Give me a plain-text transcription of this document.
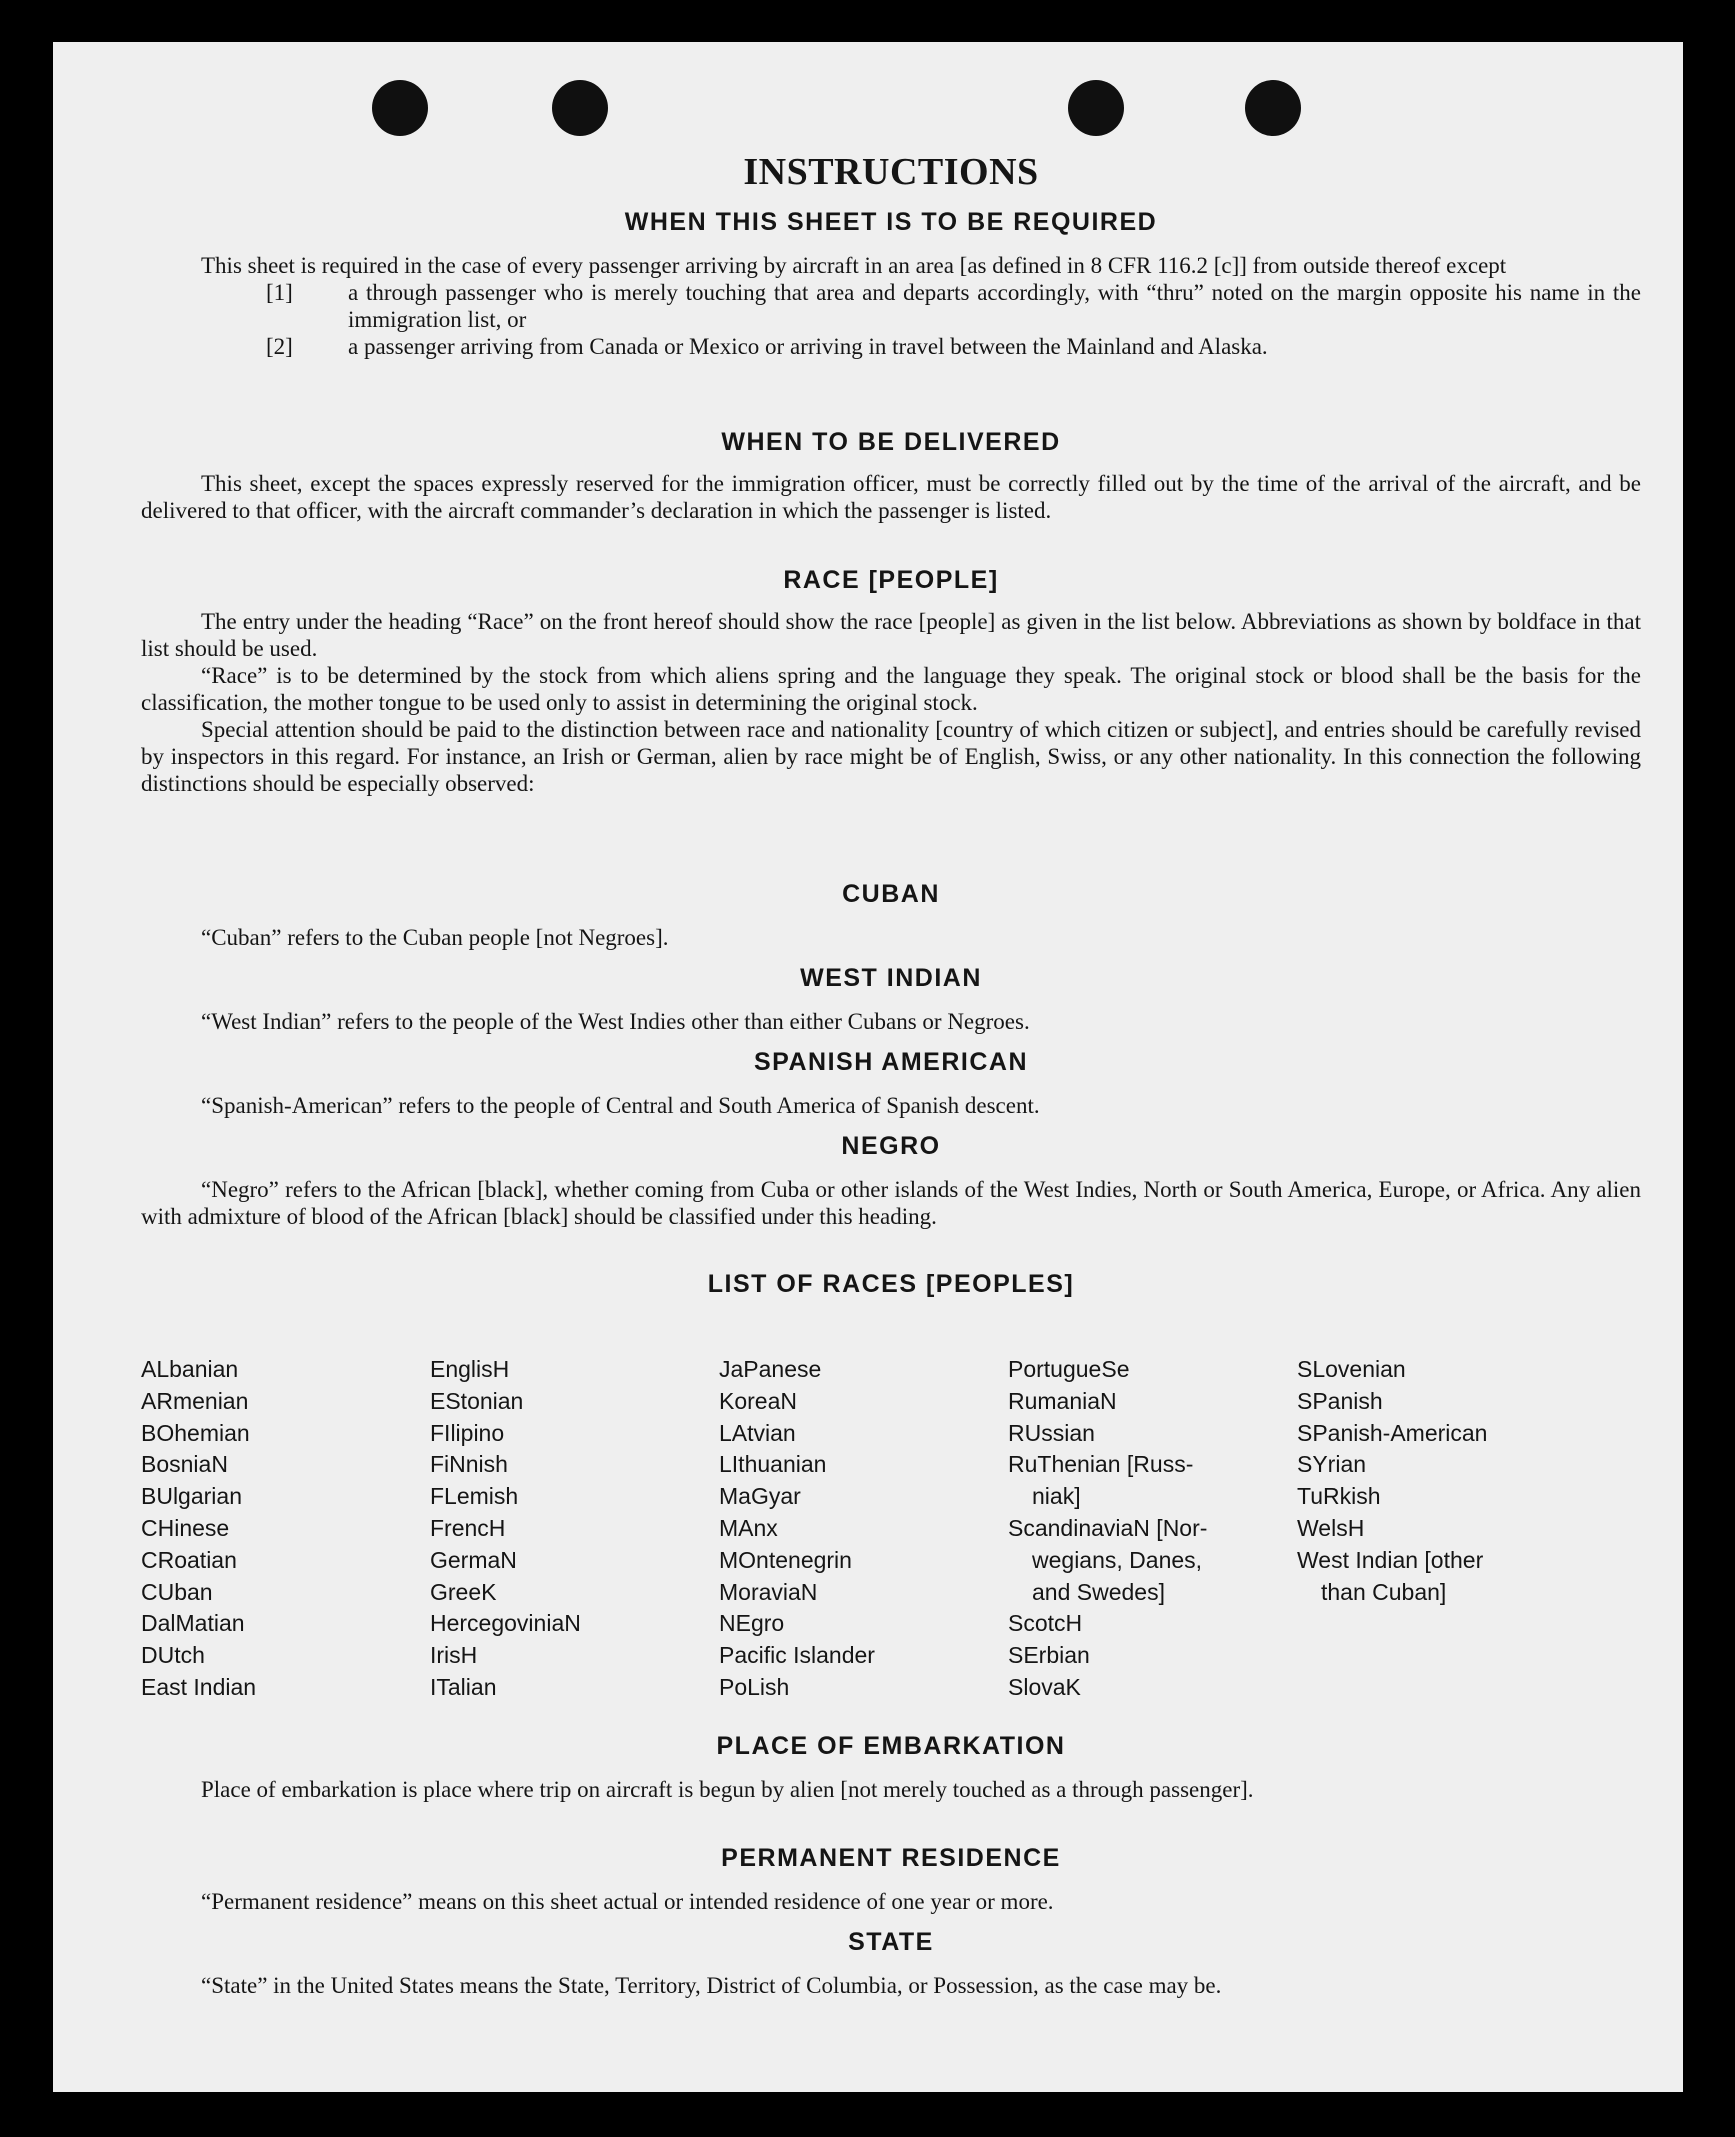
INSTRUCTIONS
WHEN THIS SHEET IS TO BE REQUIRED
This sheet is required in the case of every passenger arriving by aircraft in an area [as defined in 8 CFR 116.2 [c]] from outside thereof except
[1] a through passenger who is merely touching that area and departs accordingly, with “thru” noted on the margin opposite his name in the immigration list, or
[2] a passenger arriving from Canada or Mexico or arriving in travel between the Mainland and Alaska.
WHEN TO BE DELIVERED
This sheet, except the spaces expressly reserved for the immigration officer, must be correctly filled out by the time of the arrival of the aircraft, and be delivered to that officer, with the aircraft commander’s declaration in which the passenger is listed.
RACE [PEOPLE]
The entry under the heading “Race” on the front hereof should show the race [people] as given in the list below. Abbreviations as shown by boldface in that list should be used.
“Race” is to be determined by the stock from which aliens spring and the language they speak. The original stock or blood shall be the basis for the classification, the mother tongue to be used only to assist in determining the original stock.
Special attention should be paid to the distinction between race and nationality [country of which citizen or subject], and entries should be carefully revised by inspectors in this regard. For instance, an Irish or German, alien by race might be of English, Swiss, or any other nationality. In this connection the following distinctions should be especially observed:
CUBAN
“Cuban” refers to the Cuban people [not Negroes].
WEST INDIAN
“West Indian” refers to the people of the West Indies other than either Cubans or Negroes.
SPANISH AMERICAN
“Spanish-American” refers to the people of Central and South America of Spanish descent.
NEGRO
“Negro” refers to the African [black], whether coming from Cuba or other islands of the West Indies, North or South America, Europe, or Africa. Any alien with admixture of blood of the African [black] should be classified under this heading.
LIST OF RACES [PEOPLES]
ALbanian
ARmenian
BOhemian
BosniaN
BUlgarian
CHinese
CRoatian
CUban
DalMatian
DUtch
East Indian
EnglisH
EStonian
FIlipino
FiNnish
FLemish
FrencH
GermaN
GreeK
HercegoviniaN
IrisH
ITalian
JaPanese
KoreaN
LAtvian
LIthuanian
MaGyar
MAnx
MOntenegrin
MoraviaN
NEgro
Pacific Islander
PoLish
PortugueSe
RumaniaN
RUssian
RuThenian [Russ-
niak]
ScandinaviaN [Nor-
wegians, Danes,
and Swedes]
ScotcH
SErbian
SlovaK
SLovenian
SPanish
SPanish-American
SYrian
TuRkish
WelsH
West Indian [other
than Cuban]
PLACE OF EMBARKATION
Place of embarkation is place where trip on aircraft is begun by alien [not merely touched as a through passenger].
PERMANENT RESIDENCE
“Permanent residence” means on this sheet actual or intended residence of one year or more.
STATE
“State” in the United States means the State, Territory, District of Columbia, or Possession, as the case may be.
